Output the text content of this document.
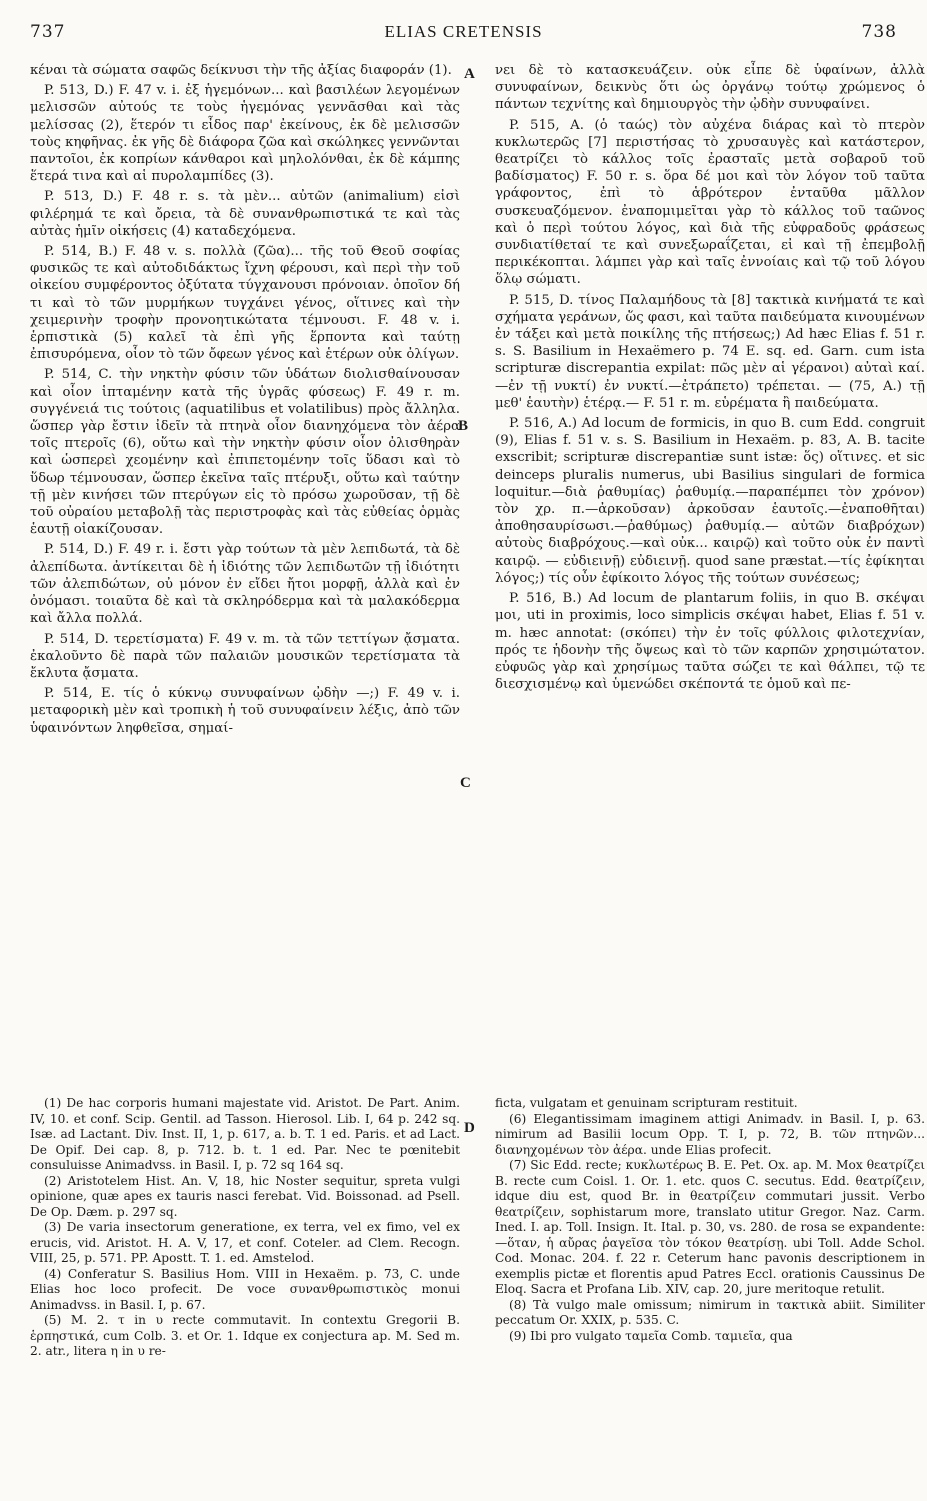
737	ELIAS CRETENSIS	738
A
B
C
D

κέναι τὰ σώματα σαφῶς δείκνυσι τὴν τῆς ἀξίας διαφοράν (1).

P. 513, D.) F. 47 v. i. ἐξ ἡγεμόνων... καὶ βασιλέων λεγομένων μελισσῶν αὐτούς τε τοὺς ἡγεμόνας γεννᾶσθαι καὶ τὰς μελίσσας (2), ἕτερόν τι εἶδος παρ' ἐκείνους, ἐκ δὲ μελισσῶν τοὺς κηφῆνας. ἐκ γῆς δὲ διάφορα ζῶα καὶ σκώληκες γεννῶνται παντοῖοι, ἐκ κοπρίων κάνθαροι καὶ μηλολόνθαι, ἐκ δὲ κάμπης ἕτερά τινα καὶ αἱ πυρολαμπίδες (3).

P. 513, D.) F. 48 r. s. τὰ μὲν... αὐτῶν (animalium) εἰσὶ φιλέρημά τε καὶ ὄρεια, τὰ δὲ συνανθρωπιστικά τε καὶ τὰς αὐτὰς ἡμῖν οἰκήσεις (4) καταδεχόμενα.

P. 514, B.) F. 48 v. s. πολλὰ (ζῶα)... τῆς τοῦ Θεοῦ σοφίας φυσικῶς τε καὶ αὐτοδιδάκτως ἴχνη φέρουσι, καὶ περὶ τὴν τοῦ οἰκείου συμφέροντος ὀξύτατα τύγχανουσι πρόνοιαν. ὁποῖον δή τι καὶ τὸ τῶν μυρμήκων τυγχάνει γένος, οἵτινες καὶ τὴν χειμερινὴν τροφὴν προνοητικώτατα τέμνουσι. F. 48 v. i. ἑρπιστικὰ (5) καλεῖ τὰ ἐπὶ γῆς ἕρποντα καὶ ταύτῃ ἐπισυρόμενα, οἷον τὸ τῶν ὄφεων γένος καὶ ἑτέρων οὐκ ὀλίγων.

P. 514, C. τὴν νηκτὴν φύσιν τῶν ὑδάτων διολισθαίνουσαν καὶ οἷον ἱπταμένην κατὰ τῆς ὑγρᾶς φύσεως) F. 49 r. m. συγγένειά τις τούτοις (aquatilibus et volatilibus) πρὸς ἄλληλα. ὥσπερ γὰρ ἔστιν ἰδεῖν τὰ πτηνὰ οἷον διανηχόμενα τὸν ἀέρα τοῖς πτεροῖς (6), οὕτω καὶ τὴν νηκτὴν φύσιν οἷον ὀλισθηρὰν καὶ ὡσπερεὶ χεομένην καὶ ἐπιπετομένην τοῖς ὕδασι καὶ τὸ ὕδωρ τέμνουσαν, ὥσπερ ἐκεῖνα ταῖς πτέρυξι, οὕτω καὶ ταύτην τῇ μὲν κινήσει τῶν πτερύγων εἰς τὸ πρόσω χωροῦσαν, τῇ δὲ τοῦ οὐραίου μεταβολῇ τὰς περιστροφὰς καὶ τὰς εὐθείας ὁρμὰς ἑαυτῇ οἰακίζουσαν.

P. 514, D.) F. 49 r. i. ἔστι γὰρ τούτων τὰ μὲν λεπιδωτά, τὰ δὲ ἀλεπίδωτα. ἀντίκειται δὲ ἡ ἰδιότης τῶν λεπιδωτῶν τῇ ἰδιότητι τῶν ἀλεπιδώτων, οὐ μόνον ἐν εἴδει ἤτοι μορφῇ, ἀλλὰ καὶ ἐν ὀνόμασι. τοιαῦτα δὲ καὶ τὰ σκληρόδερμα καὶ τὰ μαλακόδερμα καὶ ἄλλα πολλά.

P. 514, D. τερετίσματα) F. 49 v. m. τὰ τῶν τεττίγων ᾄσματα. ἐκαλοῦντο δὲ παρὰ τῶν παλαιῶν μουσικῶν τερετίσματα τὰ ἔκλυτα ᾄσματα.

P. 514, E. τίς ὁ κύκνῳ συνυφαίνων ᾠδὴν —;) F. 49 v. i. μεταφορικὴ μὲν καὶ τροπικὴ ἡ τοῦ συνυφαίνειν λέξις, ἀπὸ τῶν ὑφαινόντων ληφθεῖσα, σημαί-

νει δὲ τὸ κατασκευάζειν. οὐκ εἶπε δὲ ὑφαίνων, ἀλλὰ συνυφαίνων, δεικνὺς ὅτι ὡς ὀργάνῳ τούτῳ χρώμενος ὁ πάντων τεχνίτης καὶ δημιουργὸς τὴν ᾠδὴν συνυφαίνει.

P. 515, A. (ὁ ταώς) τὸν αὐχένα διάρας καὶ τὸ πτερὸν κυκλωτερῶς [7] περιστήσας τὸ χρυσαυγὲς καὶ κατάστερον, θεατρίζει τὸ κάλλος τοῖς ἐρασταῖς μετὰ σοβαροῦ τοῦ βαδίσματος) F. 50 r. s. ὅρα δέ μοι καὶ τὸν λόγον τοῦ ταῦτα γράφοντος, ἐπὶ τὸ ἁβρότερον ἐνταῦθα μᾶλλον συσκευαζόμενον. ἐναπομιμεῖται γὰρ τὸ κάλλος τοῦ ταῶνος καὶ ὁ περὶ τούτου λόγος, καὶ διὰ τῆς εὐφραδοῦς φράσεως συνδιατίθεταί τε καὶ συνεξωραΐζεται, εἰ καὶ τῇ ἐπεμβολῇ περικέκοπται. λάμπει γὰρ καὶ ταῖς ἐννοίαις καὶ τῷ τοῦ λόγου ὅλῳ σώματι.

P. 515, D. τίνος Παλαμήδους τὰ [8] τακτικὰ κινήματά τε καὶ σχήματα γεράνων, ὥς φασι, καὶ ταῦτα παιδεύματα κινουμένων ἐν τάξει καὶ μετὰ ποικίλης τῆς πτήσεως;) Ad hæc Elias f. 51 r. s. S. Basilium in Hexaëmero p. 74 E. sq. ed. Garn. cum ista scripturæ discrepantia expilat: πῶς μὲν αἱ γέρανοι) αὐταὶ καί.—ἐν τῇ νυκτί) ἐν νυκτί.—ἐτράπετο) τρέπεται. — (75, A.) τῇ μεθ' ἑαυτὴν) ἑτέρᾳ.— F. 51 r. m. εὑρέματα ἢ παιδεύματα.

P. 516, A.) Ad locum de formicis, in quo B. cum Edd. congruit (9), Elias f. 51 v. s. S. Basilium in Hexaëm. p. 83, A. B. tacite exscribit; scripturæ discrepantiæ sunt istæ: ὅς) οἵτινες. et sic deinceps pluralis numerus, ubi Basilius singulari de formica loquitur.—διὰ ῥαθυμίας) ῥαθυμίᾳ.—παραπέμπει τὸν χρόνον) τὸν χρ. π.—ἀρκοῦσαν) ἀρκοῦσαν ἑαυτοῖς.—ἐναποθῆται) ἀποθησαυρίσωσι.—ῥαθύμως) ῥαθυμίᾳ.— αὐτῶν διαβρόχων) αὐτοὺς διαβρόχους.—καὶ οὐκ... καιρῷ) καὶ τοῦτο οὐκ ἐν παντὶ καιρῷ. — εὐδιεινῇ) εὐδιεινῇ. quod sane præstat.—τίς ἐφίκηται λόγος;) τίς οὖν ἐφίκοιτο λόγος τῆς τούτων συνέσεως;

P. 516, B.) Ad locum de plantarum foliis, in quo B. σκέψαι μοι, uti in proximis, loco simplicis σκέψαι habet, Elias f. 51 v. m. hæc annotat: (σκόπει) τὴν ἐν τοῖς φύλλοις φιλοτεχνίαν, πρός τε ἡδονὴν τῆς ὄψεως καὶ τὸ τῶν καρπῶν χρησιμώτατον. εὐφυῶς γὰρ καὶ χρησίμως ταῦτα σώζει τε καὶ θάλπει, τῷ τε διεσχισμένῳ καὶ ὑμενώδει σκέποντά τε ὁμοῦ καὶ πε-

(1) De hac corporis humani majestate vid. Aristot. De Part. Anim. IV, 10. et conf. Scip. Gentil. ad Tasson. Hierosol. Lib. I, 64 p. 242 sq. Isæ. ad Lactant. Div. Inst. II, 1, p. 617, a. b. T. 1 ed. Paris. et ad Lact. De Opif. Dei cap. 8, p. 712. b. t. 1 ed. Par. Nec te pœnitebit consuluisse Animadvss. in Basil. I, p. 72 sq 164 sq.

(2) Aristotelem Hist. An. V, 18, hic Noster sequitur, spreta vulgi opinione, quæ apes ex tauris nasci ferebat. Vid. Boissonad. ad Psell. De Op. Dæm. p. 297 sq.

(3) De varia insectorum generatione, ex terra, vel ex fimo, vel ex erucis, vid. Aristot. H. A. V, 17, et conf. Coteler. ad Clem. Recogn. VIII, 25, p. 571. PP. Apostt. T. 1. ed. Amsteloḋ.

(4) Conferatur S. Basilius Hom. VIII in Hexaëm. p. 73, C. unde Elias hoc loco profecit. De voce συνανθρωπιστικὸς monui Animadvss. in Basil. I, p. 67.

(5) M. 2. τ in υ recte commutavit. In contextu Gregorii B. ἑρπηστικά, cum Colb. 3. et Or. 1. Idque ex conjectura ap. M. Sed m. 2. atr., litera η in υ re-

ficta, vulgatam et genuinam scripturam restituit.

(6) Elegantissimam imaginem attigi Animadv. in Basil. I, p. 63. nimirum ad Basilii locum Opp. T. I, p. 72, B. τῶν πτηνῶν... διανηχομένων τὸν ἀέρα. unde Elias profecit.

(7) Sic Edd. recte; κυκλωτέρως B. E. Pet. Ox. ap. M. Mox θεατρίζει B. recte cum Coisl. 1. Or. 1. etc. quos C. secutus. Edd. θεατρίζειν, idque diu est, quod Br. in θεατρίζειν commutari jussit. Verbo θεατρίζειν, sophistarum more, translato utitur Gregor. Naz. Carm. Ined. I. ap. Toll. Insign. It. Ital. p. 30, vs. 280. de rosa se expandente: —ὅταν, ἡ αὔρας ῥαγεῖσα τὸν τόκον θεατρίσῃ. ubi Toll. Adde Schol. Cod. Monac. 204. f. 22 r. Ceterum hanc pavonis descriptionem in exemplis pictæ et florentis apud Patres Eccl. orationis Caussinus De Eloq. Sacra et Profana Lib. XIV, cap. 20, jure meritoque retulit.

(8) Τὰ vulgo male omissum; nimirum in τακτικὰ abiit. Similiter peccatum Or. XXIX, p. 535. C.

(9) Ibi pro vulgato ταμεῖα Comb. ταμιεῖα, qua
